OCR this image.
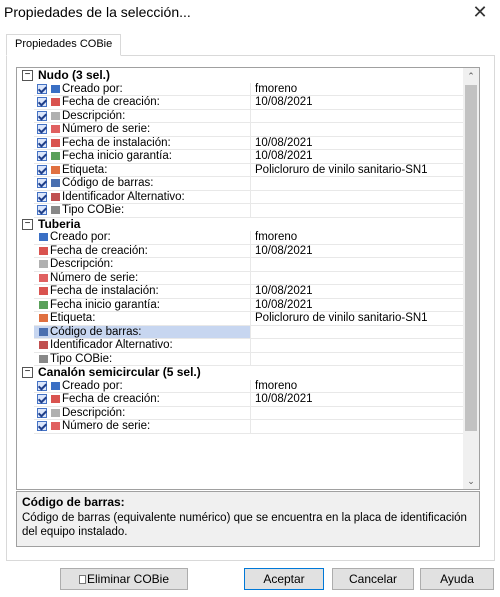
Propiedades de la selección...	✕
Propiedades COBie
− Nudo (3 sel.)
Creado por:	fmoreno
Fecha de creación:	10/08/2021
Descripción:
Número de serie:
Fecha de instalación:	10/08/2021
Fecha inicio garantía:	10/08/2021
Etiqueta:	Policloruro de vinilo sanitario-SN1
Código de barras:
Identificador Alternativo:
Tipo COBie:
− Tuberia
Creado por:	fmoreno
Fecha de creación:	10/08/2021
Descripción:
Número de serie:
Fecha de instalación:	10/08/2021
Fecha inicio garantía:	10/08/2021
Etiqueta:	Policloruro de vinilo sanitario-SN1
Código de barras:
Identificador Alternativo:
Tipo COBie:
− Canalón semicircular (5 sel.)
Creado por:	fmoreno
Fecha de creación:	10/08/2021
Descripción:
Número de serie:
⌃
⌄
Código de barras:
Código de barras (equivalente numérico) que se encuentra en la placa de identificación del equipo instalado.
Eliminar COBie	Aceptar	Cancelar	Ayuda
